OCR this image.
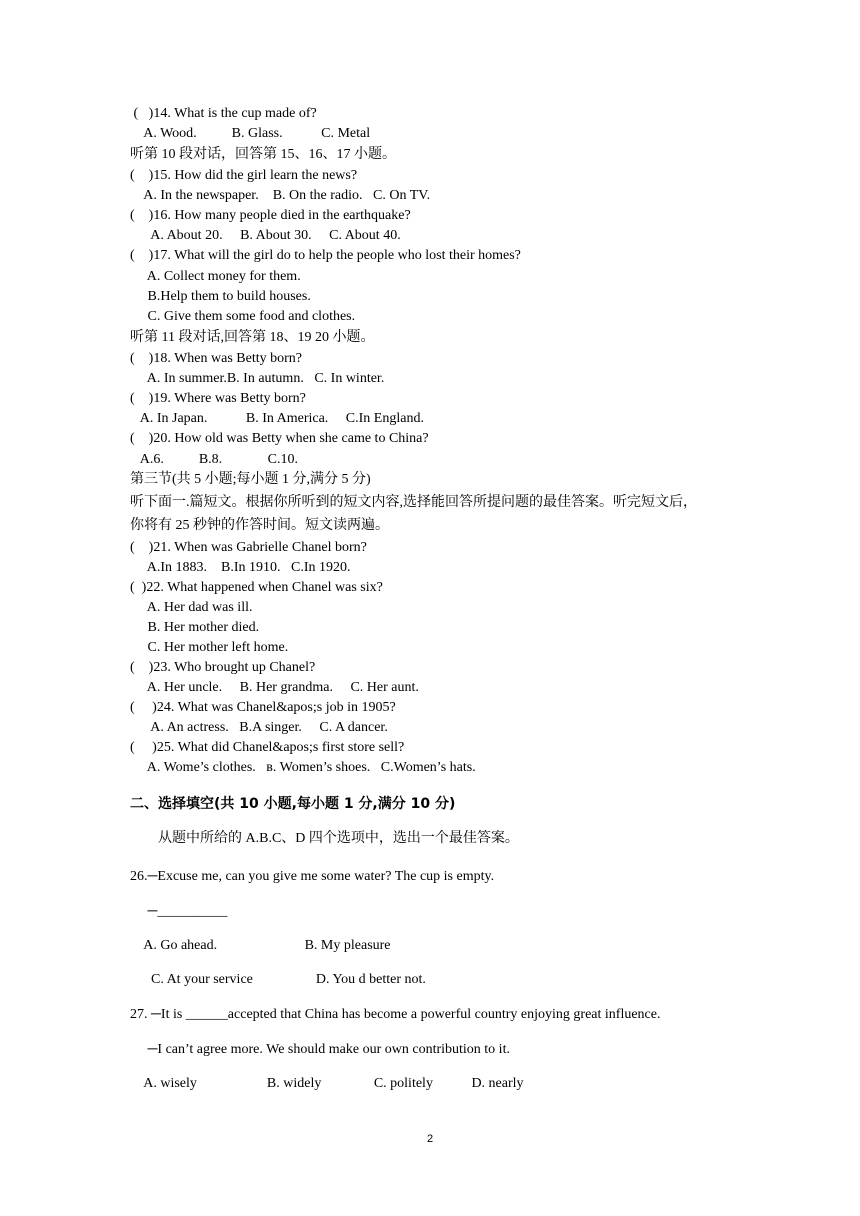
(   )14. What is the cup made of?
A. Wood.          B. Glass.           C. Metal
听第 10 段对话，回答第 15、16、17 小题。
(    )15. How did the girl learn the news?
A. In the newspaper.    B. On the radio.   C. On TV.
(    )16. How many people died in the earthquake?
A. About 20.     B. About 30.     C. About 40.
(    )17. What will the girl do to help the people who lost their homes?
A. Collect money for them.
B.Help them to build houses.
C. Give them some food and clothes.
听第 11 段对话,回答第 18、19 20 小题。
(    )18. When was Betty born?
A. In summer.B. In autumn.   C. In winter.
(    )19. Where was Betty born?
A. In Japan.           B. In America.     C.In England.
(    )20. How old was Betty when she came to China?
A.6.          B.8.             C.10.
第三节(共 5 小题;每小题 1 分,满分 5 分)
听下面一.篇短文。根据你所听到的短文内容,选择能回答所提问题的最佳答案。听完短文后，
你将有 25 秒钟的作答时间。短文读两遍。
(    )21. When was Gabrielle Chanel born?
A.In 1883.    B.In 1910.   C.In 1920.
(  )22. What happened when Chanel was six?
A. Her dad was ill.
B. Her mother died.
C. Her mother left home.
(    )23. Who brought up Chanel?
A. Her uncle.     B. Her grandma.     C. Her aunt.
(     )24. What was Chanel&apos;s job in 1905?
A. An actress.   B.A singer.     C. A dancer.
(     )25. What did Chanel&apos;s first store sell?
A. Wome’s clothes.   ʙ. Women’s shoes.   C.Women’s hats.
二、选择填空(共 10 小题,每小题 1 分,满分 10 分)
从题中所给的 A.B.C、D 四个选项中，选出一个最佳答案。
26.─Excuse me, can you give me some water? The cup is empty.
─__________
A. Go ahead.                         B. My pleasure
C. At your service                  D. You d better not.
27. ─It is ______accepted that China has become a powerful country enjoying great influence.
─I can’t agree more. We should make our own contribution to it.
A. wisely                    B. widely               C. politely           D. nearly
2
